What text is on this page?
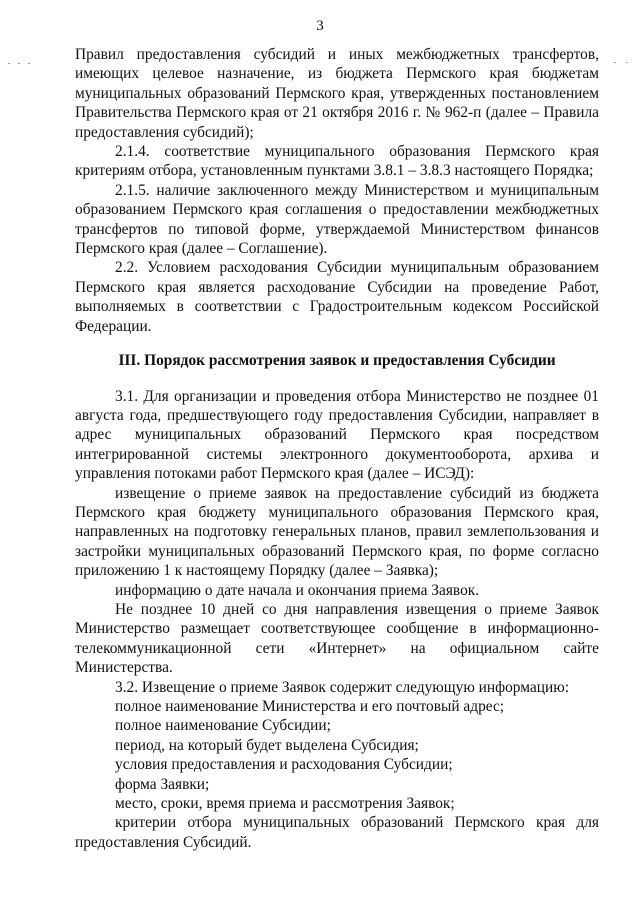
3

Правил предоставления субсидий и иных межбюджетных трансфертов, имеющих целевое назначение, из бюджета Пермского края бюджетам муниципальных образований Пермского края, утвержденных постановлением Правительства Пермского края от 21 октября 2016 г. № 962-п (далее – Правила предоставления субсидий);

2.1.4. соответствие муниципального образования Пермского края критериям отбора, установленным пунктами 3.8.1 – 3.8.3 настоящего Порядка;

2.1.5. наличие заключенного между Министерством и муниципальным образованием Пермского края соглашения о предоставлении межбюджетных трансфертов по типовой форме, утверждаемой Министерством финансов Пермского края (далее – Соглашение).

2.2. Условием расходования Субсидии муниципальным образованием Пермского края является расходование Субсидии на проведение Работ, выполняемых в соответствии с Градостроительным кодексом Российской Федерации.

III. Порядок рассмотрения заявок и предоставления Субсидии

3.1. Для организации и проведения отбора Министерство не позднее 01 августа года, предшествующего году предоставления Субсидии, направляет в адрес муниципальных образований Пермского края посредством интегрированной системы электронного документооборота, архива и управления потоками работ Пермского края (далее – ИСЭД):

извещение о приеме заявок на предоставление субсидий из бюджета Пермского края бюджету муниципального образования Пермского края, направленных на подготовку генеральных планов, правил землепользования и застройки муниципальных образований Пермского края, по форме согласно приложению 1 к настоящему Порядку (далее – Заявка);

информацию о дате начала и окончания приема Заявок.

Не позднее 10 дней со дня направления извещения о приеме Заявок Министерство размещает соответствующее сообщение в информационно-телекоммуникационной сети «Интернет» на официальном сайте Министерства.

3.2. Извещение о приеме Заявок содержит следующую информацию:

полное наименование Министерства и его почтовый адрес;

полное наименование Субсидии;

период, на который будет выделена Субсидия;

условия предоставления и расходования Субсидии;

форма Заявки;

место, сроки, время приема и рассмотрения Заявок;

критерии отбора муниципальных образований Пермского края для предоставления Субсидий.
